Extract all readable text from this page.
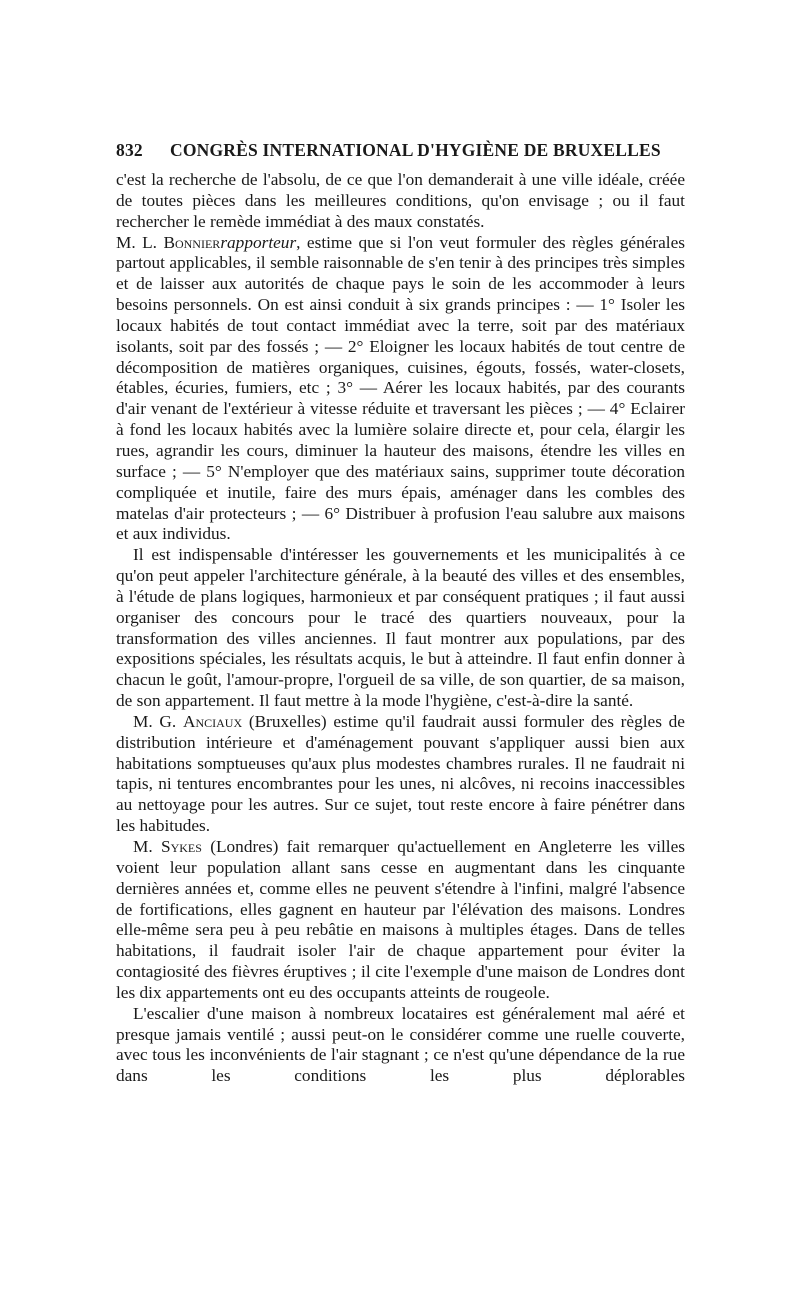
832	CONGRÈS INTERNATIONAL D'HYGIÈNE DE BRUXELLES

c'est la recherche de l'absolu, de ce que l'on demanderait à une ville idéale, créée de toutes pièces dans les meilleures conditions, qu'on envisage ; ou il faut rechercher le remède immédiat à des maux constatés.

M. L. Bonnierrapporteur, estime que si l'on veut formuler des règles générales partout applicables, il semble raisonnable de s'en tenir à des principes très simples et de laisser aux autorités de chaque pays le soin de les accommoder à leurs besoins personnels. On est ainsi conduit à six grands principes : — 1° Isoler les locaux habités de tout contact immédiat avec la terre, soit par des matériaux isolants, soit par des fossés ; — 2° Eloigner les locaux habités de tout centre de décomposition de matières organiques, cuisines, égouts, fossés, water-closets, étables, écuries, fumiers, etc ; 3° — Aérer les locaux habités, par des courants d'air venant de l'extérieur à vitesse réduite et traversant les pièces ; — 4° Eclairer à fond les locaux habités avec la lumière solaire directe et, pour cela, élargir les rues, agrandir les cours, diminuer la hauteur des maisons, étendre les villes en surface ; — 5° N'employer que des matériaux sains, supprimer toute décoration compliquée et inutile, faire des murs épais, aménager dans les combles des matelas d'air protecteurs ; — 6° Distribuer à profusion l'eau salubre aux maisons et aux individus.

Il est indispensable d'intéresser les gouvernements et les municipalités à ce qu'on peut appeler l'architecture générale, à la beauté des villes et des ensembles, à l'étude de plans logiques, harmonieux et par conséquent pratiques ; il faut aussi organiser des concours pour le tracé des quartiers nouveaux, pour la transformation des villes anciennes. Il faut montrer aux populations, par des expositions spéciales, les résultats acquis, le but à atteindre. Il faut enfin donner à chacun le goût, l'amour-propre, l'orgueil de sa ville, de son quartier, de sa maison, de son appartement. Il faut mettre à la mode l'hygiène, c'est-à-dire la santé.

M. G. Anciaux (Bruxelles) estime qu'il faudrait aussi formuler des règles de distribution intérieure et d'aménagement pouvant s'appliquer aussi bien aux habitations somptueuses qu'aux plus modestes chambres rurales. Il ne faudrait ni tapis, ni tentures encombrantes pour les unes, ni alcôves, ni recoins inaccessibles au nettoyage pour les autres. Sur ce sujet, tout reste encore à faire pénétrer dans les habitudes.

M. Sykes (Londres) fait remarquer qu'actuellement en Angleterre les villes voient leur population allant sans cesse en augmentant dans les cinquante dernières années et, comme elles ne peuvent s'étendre à l'infini, malgré l'absence de fortifications, elles gagnent en hauteur par l'élévation des maisons. Londres elle-même sera peu à peu rebâtie en maisons à multiples étages. Dans de telles habitations, il faudrait isoler l'air de chaque appartement pour éviter la contagiosité des fièvres éruptives ; il cite l'exemple d'une maison de Londres dont les dix appartements ont eu des occupants atteints de rougeole.

L'escalier d'une maison à nombreux locataires est généralement mal aéré et presque jamais ventilé ; aussi peut-on le considérer comme une ruelle couverte, avec tous les inconvénients de l'air stagnant ; ce n'est qu'une dépendance de la rue dans les conditions les plus déplorables
